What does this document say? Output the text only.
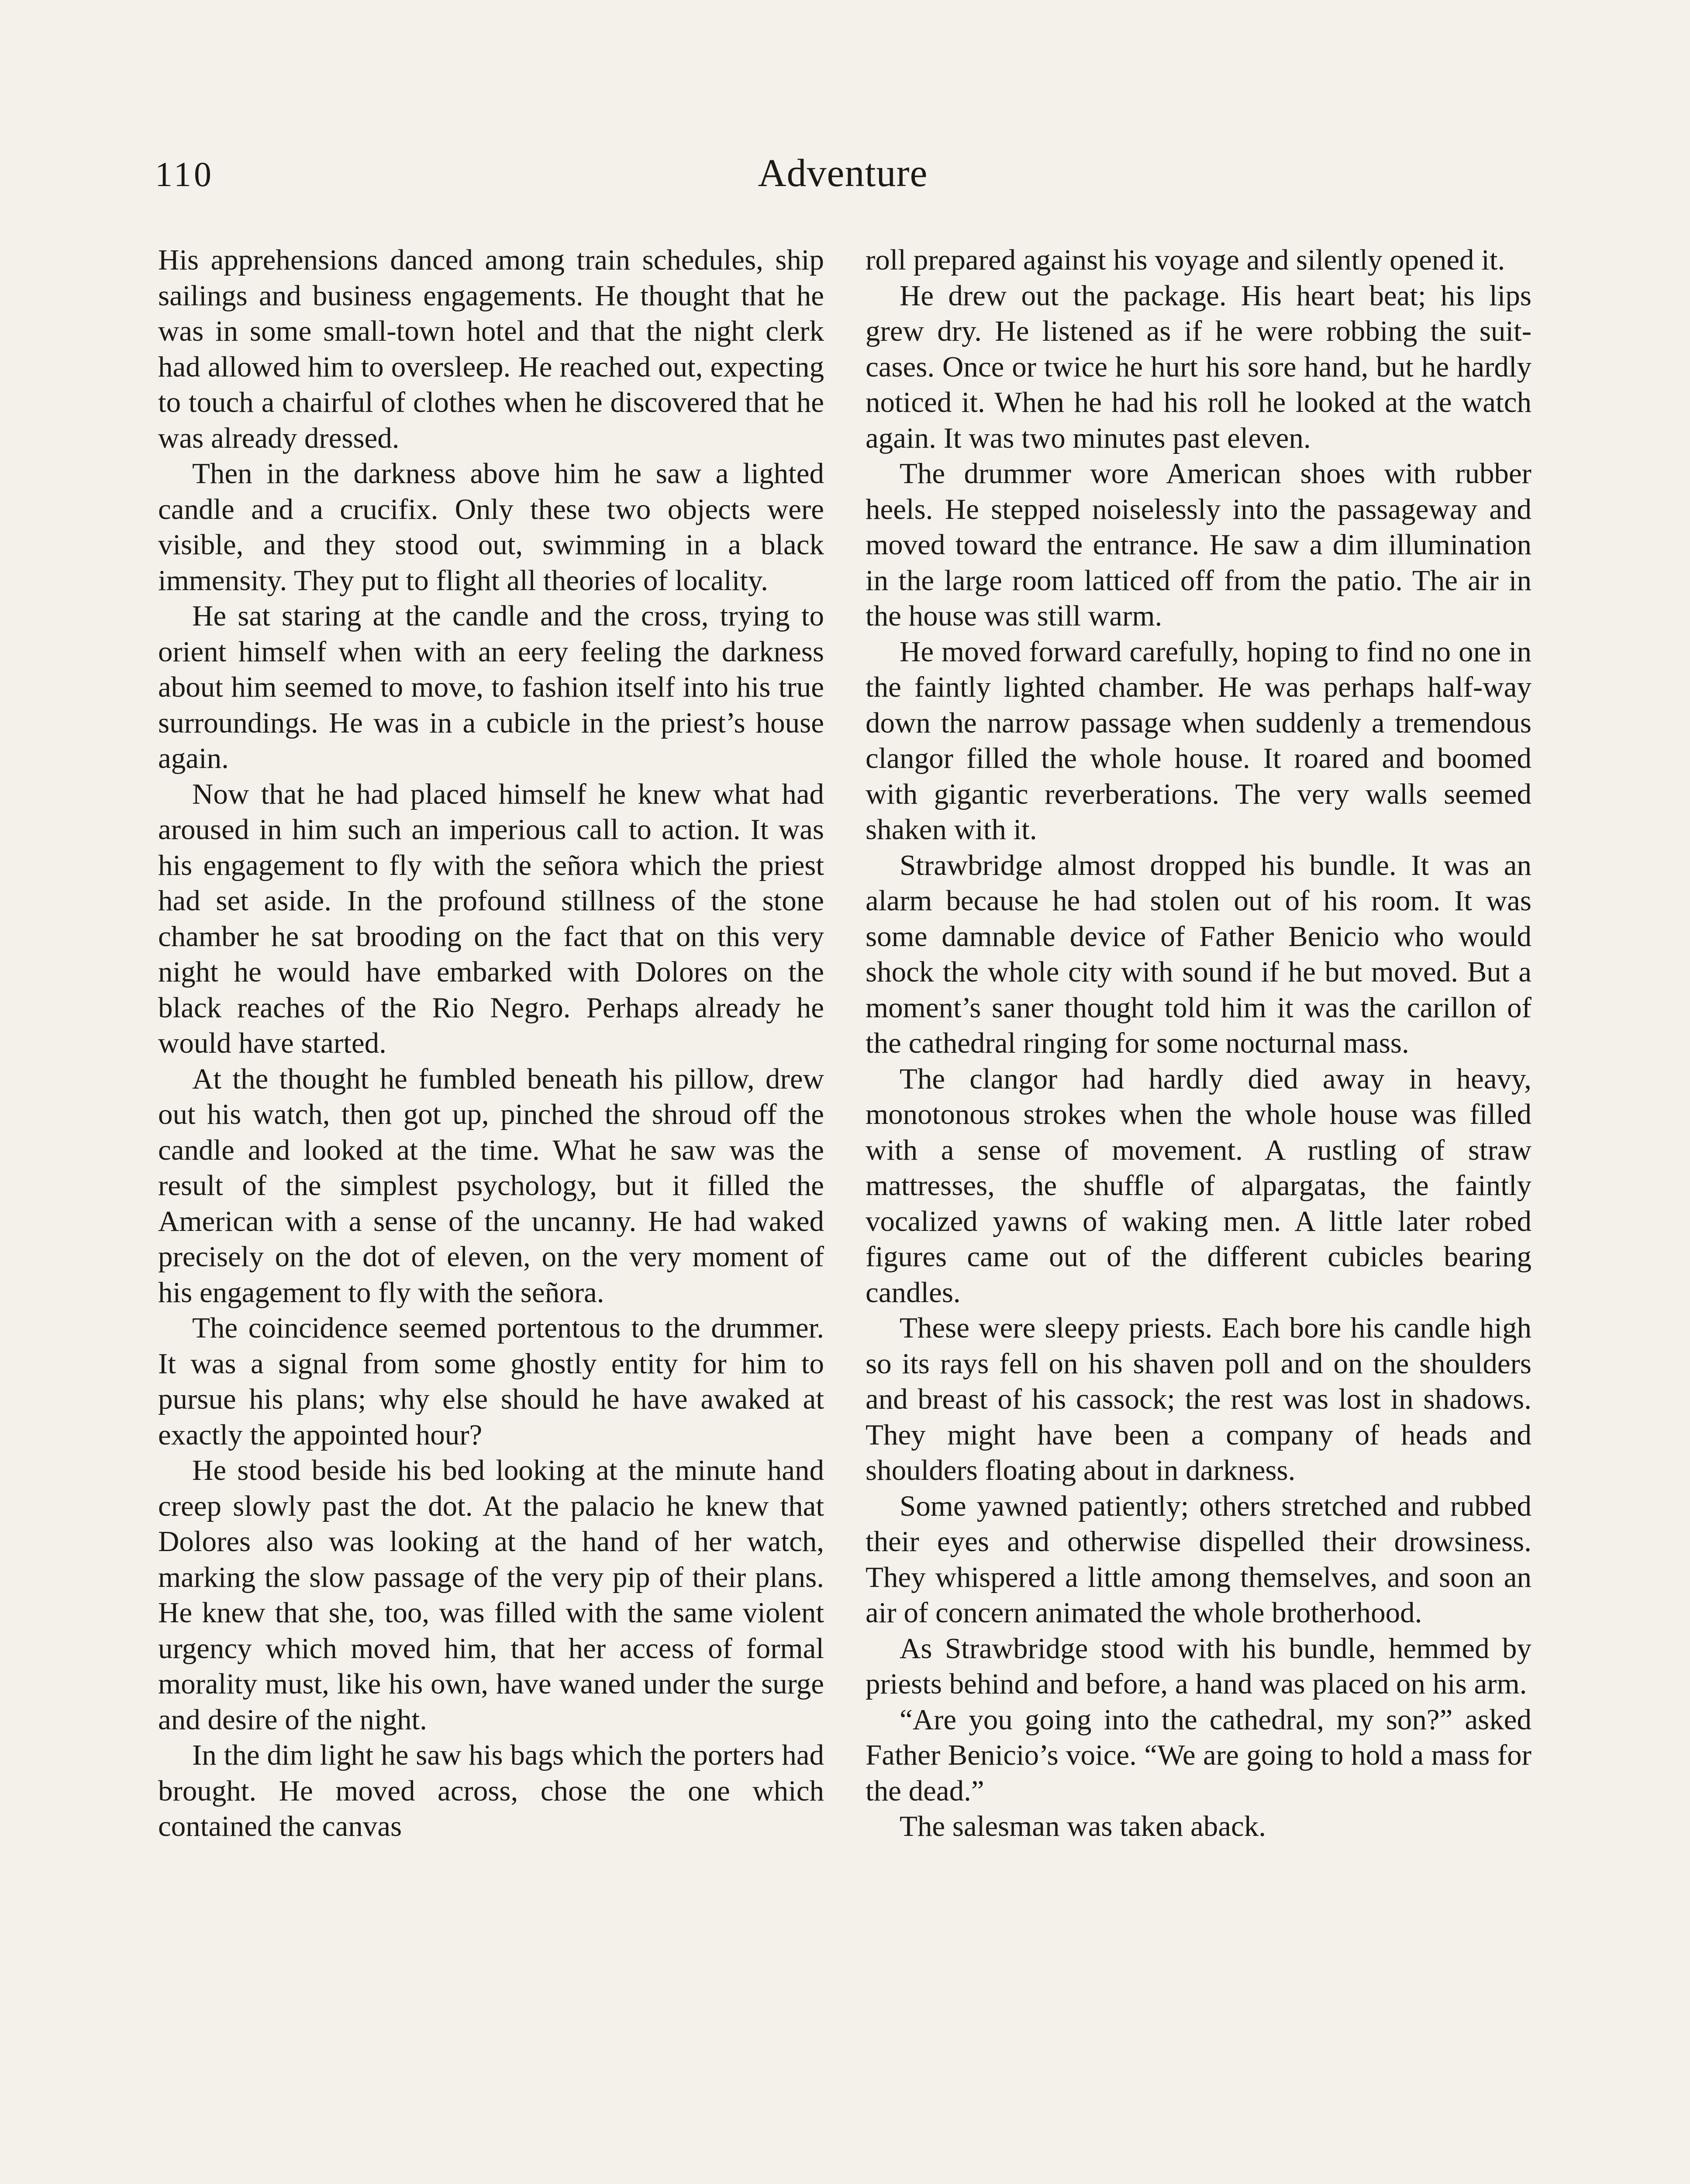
110	Adventure

His apprehensions danced among train schedules, ship sailings and business engagements. He thought that he was in some small-town hotel and that the night clerk had allowed him to oversleep. He reached out, expecting to touch a chairful of clothes when he discovered that he was already dressed.

Then in the darkness above him he saw a lighted candle and a crucifix. Only these two objects were visible, and they stood out, swimming in a black immensity. They put to flight all theories of locality.

He sat staring at the candle and the cross, trying to orient himself when with an eery feeling the darkness about him seemed to move, to fashion itself into his true surroundings. He was in a cubicle in the priest’s house again.

Now that he had placed himself he knew what had aroused in him such an imperious call to action. It was his engagement to fly with the señora which the priest had set aside. In the profound stillness of the stone chamber he sat brooding on the fact that on this very night he would have embarked with Dolores on the black reaches of the Rio Negro. Perhaps already he would have started.

At the thought he fumbled beneath his pillow, drew out his watch, then got up, pinched the shroud off the candle and looked at the time. What he saw was the result of the simplest psychology, but it filled the American with a sense of the uncanny. He had waked precisely on the dot of eleven, on the very moment of his engagement to fly with the señora.

The coincidence seemed portentous to the drummer. It was a signal from some ghostly entity for him to pursue his plans; why else should he have awaked at exactly the appointed hour?

He stood beside his bed looking at the minute hand creep slowly past the dot. At the palacio he knew that Dolores also was looking at the hand of her watch, marking the slow passage of the very pip of their plans. He knew that she, too, was filled with the same violent urgency which moved him, that her access of formal morality must, like his own, have waned under the surge and desire of the night.

In the dim light he saw his bags which the porters had brought. He moved across, chose the one which contained the canvas

roll prepared against his voyage and silently opened it.

He drew out the package. His heart beat; his lips grew dry. He listened as if he were robbing the suit-cases. Once or twice he hurt his sore hand, but he hardly noticed it. When he had his roll he looked at the watch again. It was two minutes past eleven.

The drummer wore American shoes with rubber heels. He stepped noiselessly into the passageway and moved toward the entrance. He saw a dim illumination in the large room latticed off from the patio. The air in the house was still warm.

He moved forward carefully, hoping to find no one in the faintly lighted chamber. He was perhaps half-way down the narrow passage when suddenly a tremendous clangor filled the whole house. It roared and boomed with gigantic reverberations. The very walls seemed shaken with it.

Strawbridge almost dropped his bundle. It was an alarm because he had stolen out of his room. It was some damnable device of Father Benicio who would shock the whole city with sound if he but moved. But a moment’s saner thought told him it was the carillon of the cathedral ringing for some nocturnal mass.

The clangor had hardly died away in heavy, monotonous strokes when the whole house was filled with a sense of movement. A rustling of straw mattresses, the shuffle of alpargatas, the faintly vocalized yawns of waking men. A little later robed figures came out of the different cubicles bearing candles.

These were sleepy priests. Each bore his candle high so its rays fell on his shaven poll and on the shoulders and breast of his cassock; the rest was lost in shadows. They might have been a company of heads and shoulders floating about in darkness.

Some yawned patiently; others stretched and rubbed their eyes and otherwise dispelled their drowsiness. They whispered a little among themselves, and soon an air of concern animated the whole brotherhood.

As Strawbridge stood with his bundle, hemmed by priests behind and before, a hand was placed on his arm.

“Are you going into the cathedral, my son?” asked Father Benicio’s voice. “We are going to hold a mass for the dead.”

The salesman was taken aback.
